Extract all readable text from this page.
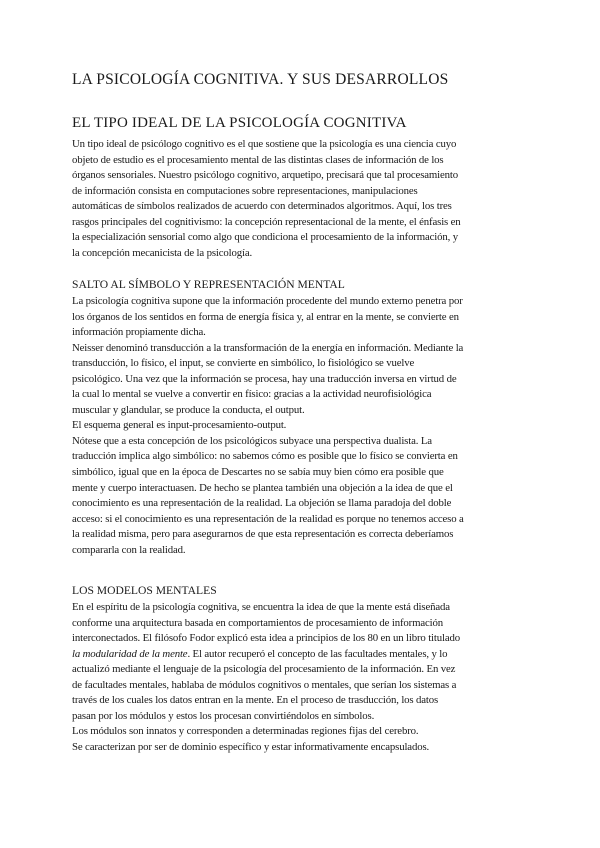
LA PSICOLOGÍA COGNITIVA. Y SUS DESARROLLOS
EL TIPO IDEAL DE LA PSICOLOGÍA COGNITIVA
Un tipo ideal de psicólogo cognitivo es el que sostiene que la psicología es una ciencia cuyo
objeto de estudio es el procesamiento mental de las distintas clases de información de los
órganos sensoriales. Nuestro psicólogo cognitivo, arquetipo, precisará que tal procesamiento
de información consista en computaciones sobre representaciones, manipulaciones
automáticas de símbolos realizados de acuerdo con determinados algoritmos. Aquí, los tres
rasgos principales del cognitivismo: la concepción representacional de la mente, el énfasis en
la especialización sensorial como algo que condiciona el procesamiento de la información, y
la concepción mecanicista de la psicología.
SALTO AL SÍMBOLO Y REPRESENTACIÓN MENTAL
La psicología cognitiva supone que la información procedente del mundo externo penetra por
los órganos de los sentidos en forma de energía física y, al entrar en la mente, se convierte en
información propiamente dicha.
Neisser denominó transducción a la transformación de la energía en información. Mediante la
transducción, lo físico, el input, se convierte en simbólico, lo fisiológico se vuelve
psicológico. Una vez que la información se procesa, hay una traducción inversa en virtud de
la cual lo mental se vuelve a convertir en físico: gracias a la actividad neurofisiológica
muscular y glandular, se produce la conducta, el output.
El esquema general es input-procesamiento-output.
Nótese que a esta concepción de los psicológicos subyace una perspectiva dualista. La
traducción implica algo simbólico: no sabemos cómo es posible que lo físico se convierta en
simbólico, igual que en la época de Descartes no se sabía muy bien cómo era posible que
mente y cuerpo interactuasen. De hecho se plantea también una objeción a la idea de que el
conocimiento es una representación de la realidad. La objeción se llama paradoja del doble
acceso: si el conocimiento es una representación de la realidad es porque no tenemos acceso a
la realidad misma, pero para asegurarnos de que esta representación es correcta deberíamos
compararla con la realidad.
LOS MODELOS MENTALES
En el espíritu de la psicología cognitiva, se encuentra la idea de que la mente está diseñada
conforme una arquitectura basada en comportamientos de procesamiento de información
interconectados. El filósofo Fodor explicó esta idea a principios de los 80 en un libro titulado
la modularidad de la mente. El autor recuperó el concepto de las facultades mentales, y lo
actualizó mediante el lenguaje de la psicología del procesamiento de la información. En vez
de facultades mentales, hablaba de módulos cognitivos o mentales, que serían los sistemas a
través de los cuales los datos entran en la mente. En el proceso de trasducción, los datos
pasan por los módulos y estos los procesan convirtiéndolos en símbolos.
Los módulos son innatos y corresponden a determinadas regiones fijas del cerebro.
Se caracterizan por ser de dominio específico y estar informativamente encapsulados.
